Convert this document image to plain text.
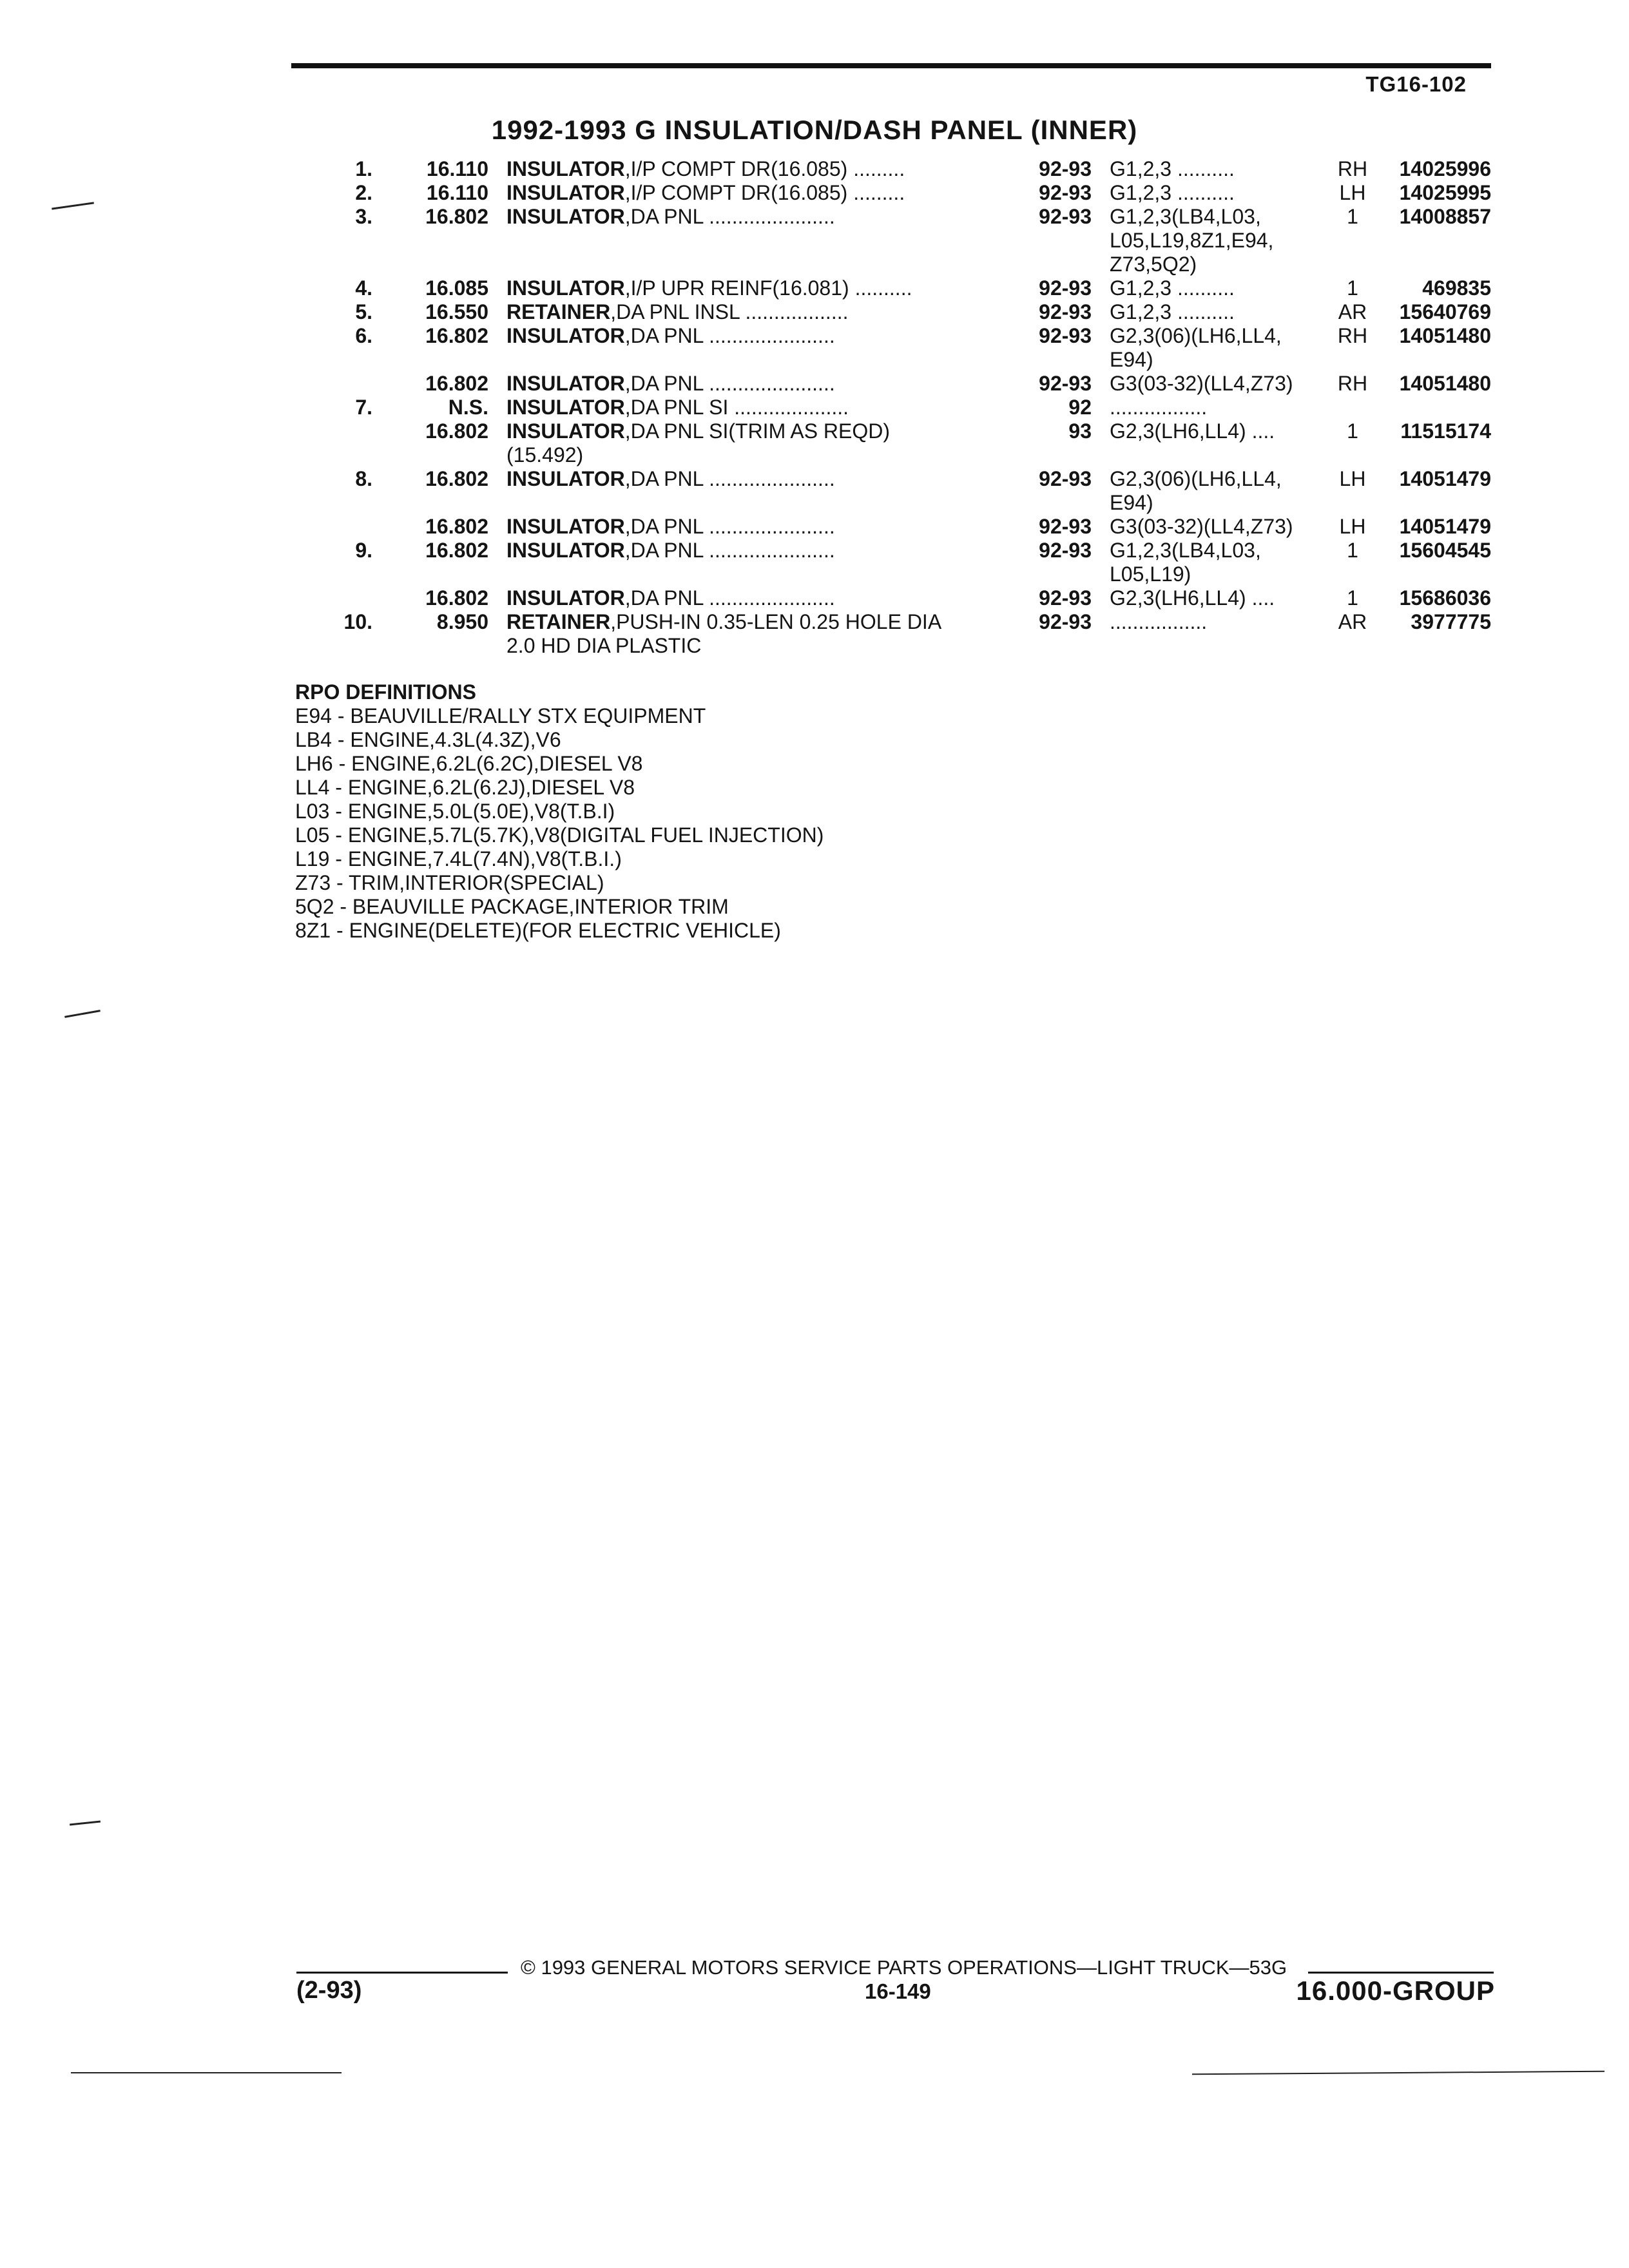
TG16-102
1992-1993 G INSULATION/DASH PANEL (INNER)
1.	16.110 INSULATOR,I/P COMPT DR(16.085) .........	92-93 G1,2,3 ..........	RH 14025996
2.	16.110 INSULATOR,I/P COMPT DR(16.085) .........	92-93 G1,2,3 ..........	LH 14025995
3.	16.802 INSULATOR,DA PNL ......................	92-93 G1,2,3(LB4,L03,	1	14008857
L05,L19,8Z1,E94,
Z73,5Q2)
4.	16.085 INSULATOR,I/P UPR REINF(16.081) ..........	92-93 G1,2,3 ..........	1	469835
5.	16.550 RETAINER,DA PNL INSL ..................	92-93 G1,2,3 ..........	AR 15640769
6.	16.802 INSULATOR,DA PNL ......................	92-93 G2,3(06)(LH6,LL4,	RH 14051480
E94)
16.802 INSULATOR,DA PNL ......................	92-93 G3(03-32)(LL4,Z73) RH 14051480
7.	N.S. INSULATOR,DA PNL SI ....................	92 .................
16.802 INSULATOR,DA PNL SI(TRIM AS REQD)	93 G2,3(LH6,LL4) ....	1	11515174
(15.492)
8.	16.802 INSULATOR,DA PNL ......................	92-93 G2,3(06)(LH6,LL4,	LH 14051479
E94)
16.802 INSULATOR,DA PNL ......................	92-93 G3(03-32)(LL4,Z73) LH 14051479
9.	16.802 INSULATOR,DA PNL ......................	92-93 G1,2,3(LB4,L03,	1	15604545
L05,L19)
16.802 INSULATOR,DA PNL ......................	92-93 G2,3(LH6,LL4) ....	1	15686036
10.	8.950 RETAINER,PUSH-IN 0.35-LEN 0.25 HOLE DIA	92-93 .................	AR 3977775
2.0 HD DIA PLASTIC
RPO DEFINITIONS
E94 - BEAUVILLE/RALLY STX EQUIPMENT
LB4 - ENGINE,4.3L(4.3Z),V6
LH6 - ENGINE,6.2L(6.2C),DIESEL V8
LL4 - ENGINE,6.2L(6.2J),DIESEL V8
L03 - ENGINE,5.0L(5.0E),V8(T.B.I)
L05 - ENGINE,5.7L(5.7K),V8(DIGITAL FUEL INJECTION)
L19 - ENGINE,7.4L(7.4N),V8(T.B.I.)
Z73 - TRIM,INTERIOR(SPECIAL)
5Q2 - BEAUVILLE PACKAGE,INTERIOR TRIM
8Z1 - ENGINE(DELETE)(FOR ELECTRIC VEHICLE)
© 1993 GENERAL MOTORS SERVICE PARTS OPERATIONS—LIGHT TRUCK—53G
(2-93)	16-149	16.000-GROUP
